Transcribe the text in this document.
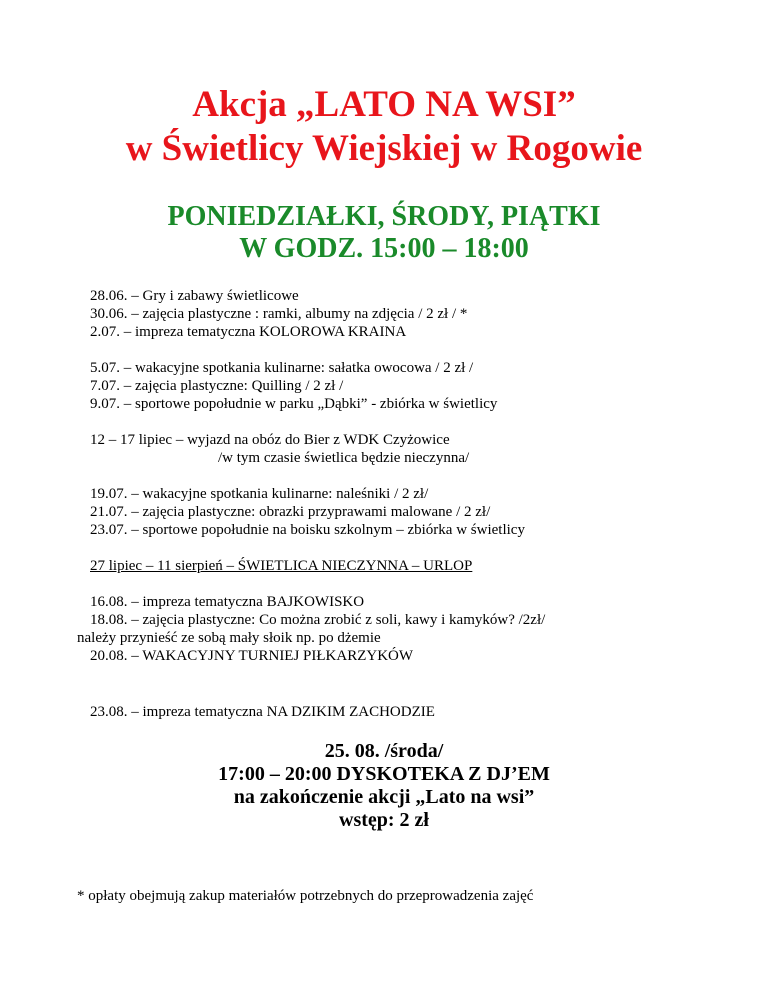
Akcja „LATO NA WSI”
w Świetlicy Wiejskiej w Rogowie
PONIEDZIAŁKI, ŚRODY, PIĄTKI
W GODZ. 15:00 – 18:00
28.06. – Gry i zabawy świetlicowe
30.06. – zajęcia plastyczne : ramki, albumy na zdjęcia / 2 zł / *
2.07. – impreza tematyczna KOLOROWA KRAINA
5.07. – wakacyjne spotkania kulinarne: sałatka owocowa / 2 zł /
7.07. – zajęcia plastyczne: Quilling / 2 zł /
9.07. – sportowe popołudnie w parku „Dąbki” - zbiórka w świetlicy
12 – 17 lipiec – wyjazd na obóz do Bier z WDK Czyżowice
/w tym czasie świetlica będzie nieczynna/
19.07. – wakacyjne spotkania kulinarne: naleśniki / 2 zł/
21.07. – zajęcia plastyczne: obrazki przyprawami malowane / 2 zł/
23.07. – sportowe popołudnie na boisku szkolnym – zbiórka w świetlicy
27 lipiec – 11 sierpień – ŚWIETLICA NIECZYNNA – URLOP
16.08. – impreza tematyczna BAJKOWISKO
18.08. – zajęcia plastyczne: Co można zrobić z soli, kawy i kamyków? /2zł/
należy przynieść ze sobą mały słoik np. po dżemie
20.08. – WAKACYJNY TURNIEJ PIŁKARZYKÓW
23.08. – impreza tematyczna NA DZIKIM ZACHODZIE
25. 08. /środa/
17:00 – 20:00 DYSKOTEKA Z DJ’EM
na zakończenie akcji „Lato na wsi”
wstęp: 2 zł
* opłaty obejmują zakup materiałów potrzebnych do przeprowadzenia zajęć
